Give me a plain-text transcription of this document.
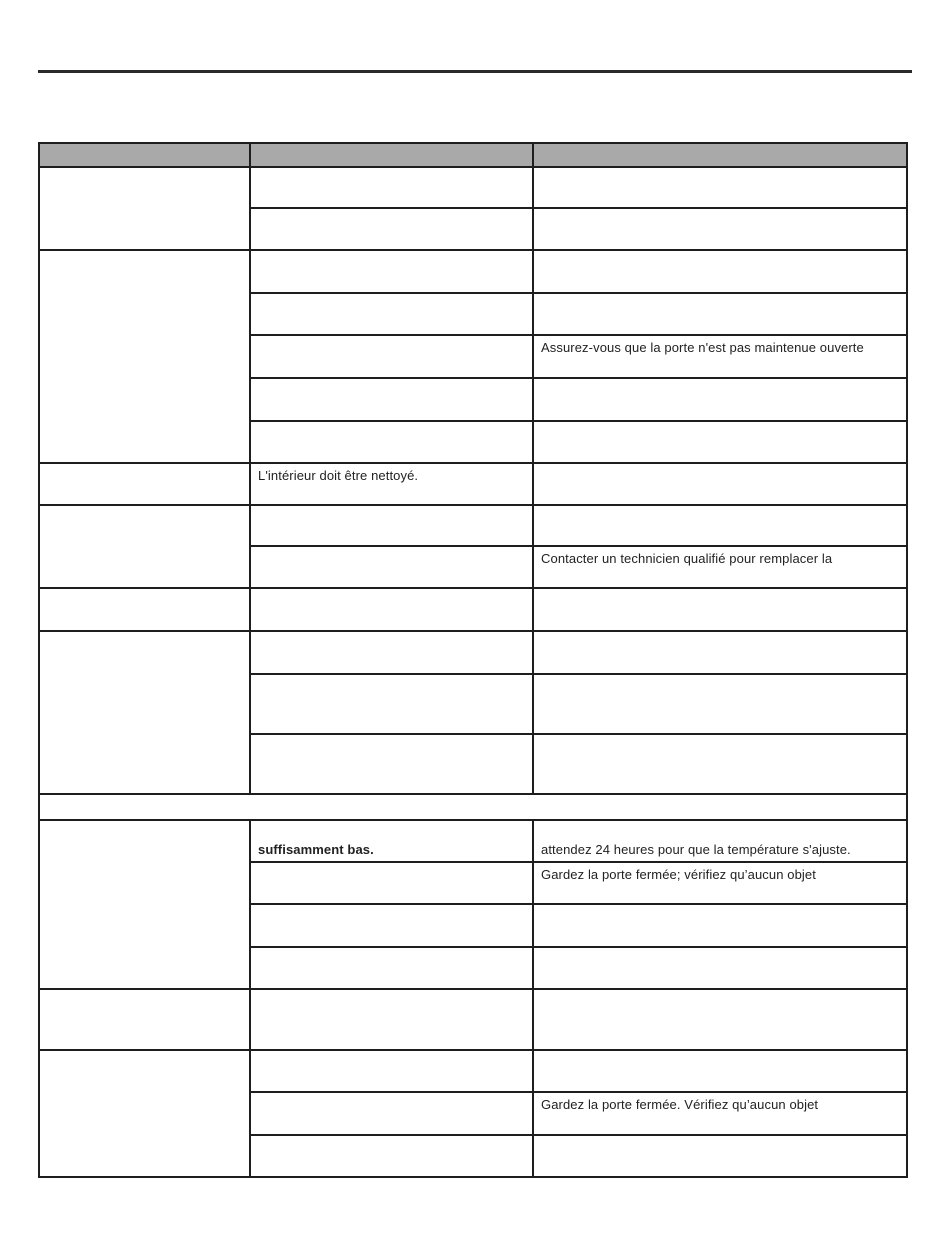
		Assurez-vous que la porte n'est pas maintenue ouverte

	L'intérieur doit être nettoyé.	

		Contacter un technicien qualifié pour remplacer la

	suffisamment bas.	attendez 24 heures pour que la température s'ajuste.
		Gardez la porte fermée; vérifiez qu’aucun objet

		Gardez la porte fermée. Vérifiez qu’aucun objet
